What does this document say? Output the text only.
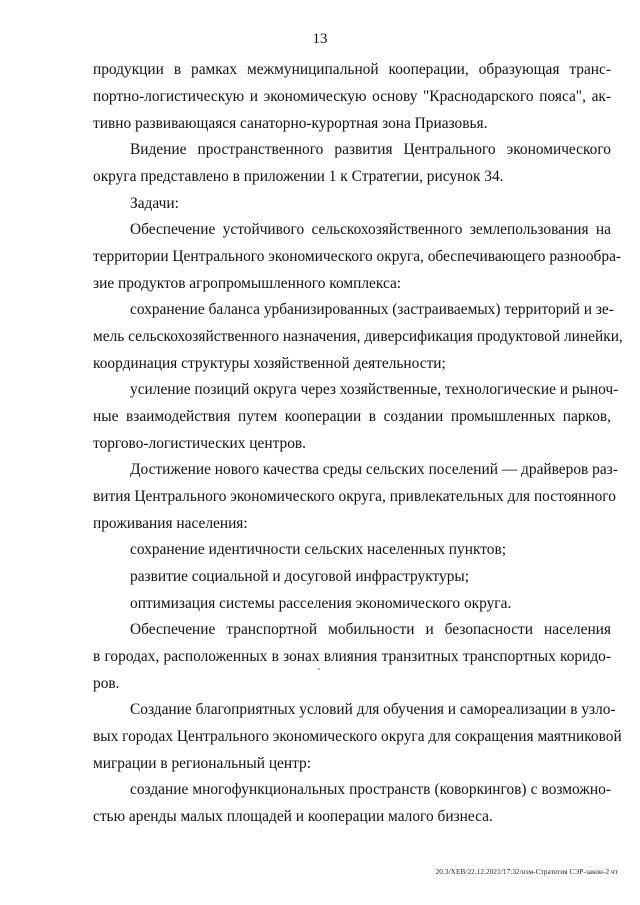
13
продукции в рамках межмуниципальной кооперации, образующая транс-
портно-логистическую и экономическую основу "Краснодарского пояса", ак-
тивно развивающаяся санаторно-курортная зона Приазовья.
Видение пространственного развития Центрального экономического
округа представлено в приложении 1 к Стратегии, рисунок 34.
Задачи:
Обеспечение устойчивого сельскохозяйственного землепользования на
территории Центрального экономического округа, обеспечивающего разнообра-
зие продуктов агропромышленного комплекса:
сохранение баланса урбанизированных (застраиваемых) территорий и зе-
мель сельскохозяйственного назначения, диверсификация продуктовой линейки,
координация структуры хозяйственной деятельности;
усиление позиций округа через хозяйственные, технологические и рыноч-
ные взаимодействия путем кооперации в создании промышленных парков,
торгово-логистических центров.
Достижение нового качества среды сельских поселений — драйверов раз-
вития Центрального экономического округа, привлекательных для постоянного
проживания населения:
сохранение идентичности сельских населенных пунктов;
развитие социальной и досуговой инфраструктуры;
оптимизация системы расселения экономического округа.
Обеспечение транспортной мобильности и безопасности населения
в городах, расположенных в зонах влияния транзитных транспортных коридо-
ров.
Создание благоприятных условий для обучения и самореализации в узло-
вых городах Центрального экономического округа для сокращения маятниковой
миграции в региональный центр:
создание многофункциональных пространств (коворкингов) с возможно-
стью аренды малых площадей и кооперации малого бизнеса.
20.3/ХЕВ/22.12.2021/17:32/изм-Стратегия СЭР-закон-2 чт
